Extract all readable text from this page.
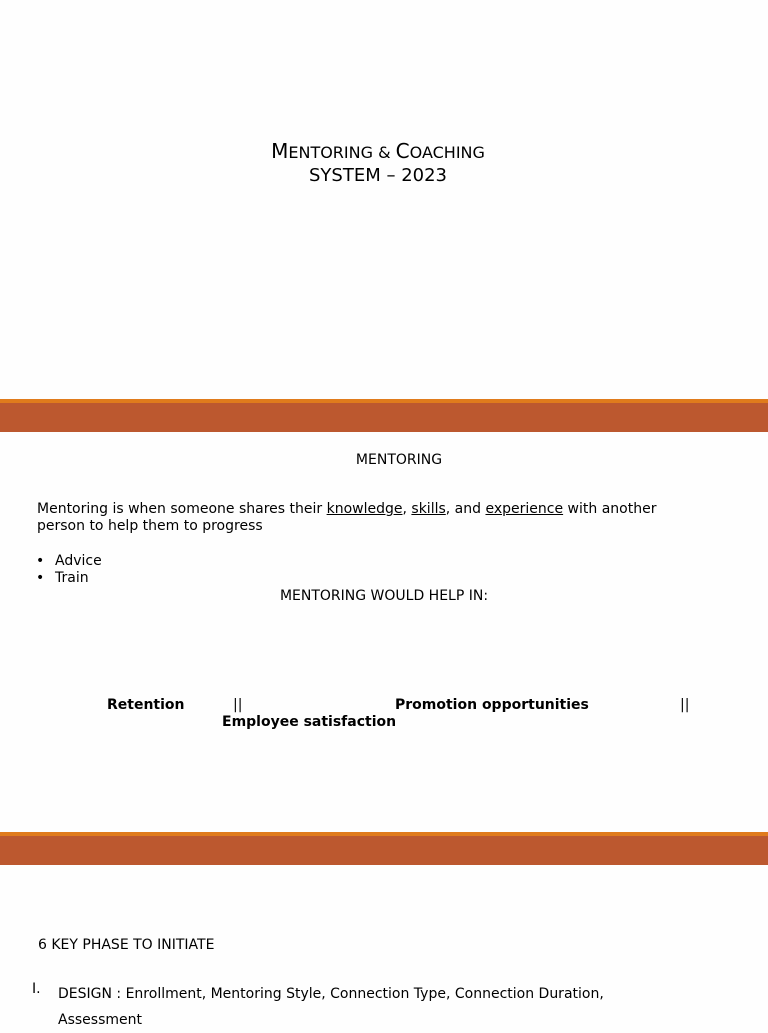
MENTORING & COACHING
SYSTEM – 2023
MENTORING
Mentoring is when someone shares their knowledge, skills, and experience with another
person to help them to progress
• Advice
• Train
MENTORING WOULD HELP IN:
Retention	||	Promotion opportunities	||
Employee satisfaction
6 KEY PHASE TO INITIATE
I. DESIGN : Enrollment, Mentoring Style, Connection Type, Connection Duration,
Assessment
